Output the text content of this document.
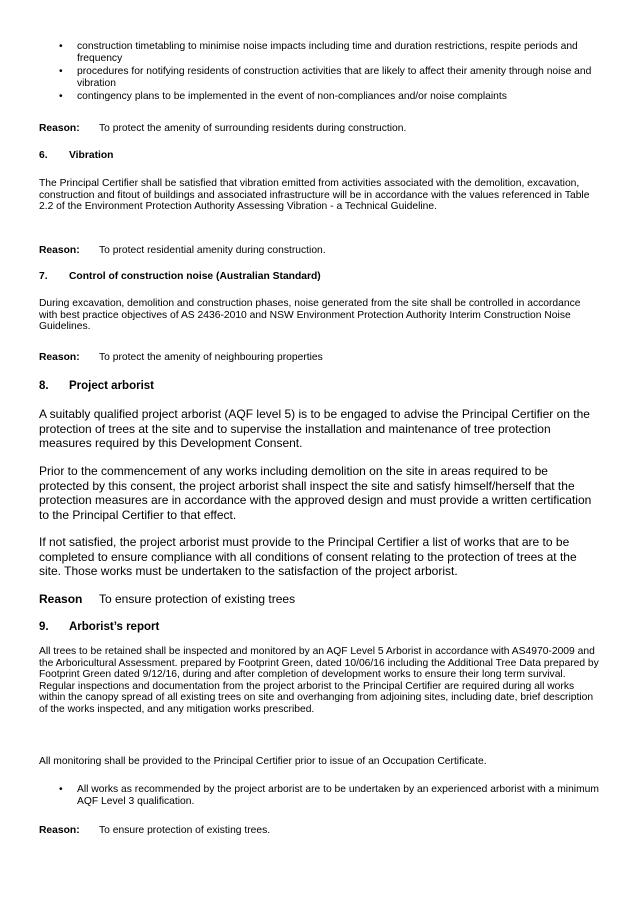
• construction timetabling to minimise noise impacts including time and duration restrictions, respite periods and frequency
• procedures for notifying residents of construction activities that are likely to affect their amenity through noise and vibration
• contingency plans to be implemented in the event of non-compliances and/or noise complaints
Reason:	To protect the amenity of surrounding residents during construction.
6.	Vibration

The Principal Certifier shall be satisfied that vibration emitted from activities associated with the demolition, excavation, construction and fitout of buildings and associated infrastructure will be in accordance with the values referenced in Table 2.2 of the Environment Protection Authority Assessing Vibration - a Technical Guideline.

Reason:	To protect residential amenity during construction.
7.	Control of construction noise (Australian Standard)

During excavation, demolition and construction phases, noise generated from the site shall be controlled in accordance with best practice objectives of AS 2436-2010 and NSW Environment Protection Authority Interim Construction Noise Guidelines.

Reason:	To protect the amenity of neighbouring properties
8.	Project arborist

A suitably qualified project arborist (AQF level 5) is to be engaged to advise the Principal Certifier on the protection of trees at the site and to supervise the installation and maintenance of tree protection measures required by this Development Consent.

Prior to the commencement of any works including demolition on the site in areas required to be protected by this consent, the project arborist shall inspect the site and satisfy himself/herself that the protection measures are in accordance with the approved design and must provide a written certification to the Principal Certifier to that effect.

If not satisfied, the project arborist must provide to the Principal Certifier a list of works that are to be completed to ensure compliance with all conditions of consent relating to the protection of trees at the site. Those works must be undertaken to the satisfaction of the project arborist.

Reason	To ensure protection of existing trees
9.	Arborist’s report

All trees to be retained shall be inspected and monitored by an AQF Level 5 Arborist in accordance with AS4970-2009 and the Arboricultural Assessment. prepared by Footprint Green, dated 10/06/16 including the Additional Tree Data prepared by Footprint Green dated 9/12/16, during and after completion of development works to ensure their long term survival. Regular inspections and documentation from the project arborist to the Principal Certifier are required during all works within the canopy spread of all existing trees on site and overhanging from adjoining sites, including date, brief description of the works inspected, and any mitigation works prescribed.

All monitoring shall be provided to the Principal Certifier prior to issue of an Occupation Certificate.

• All works as recommended by the project arborist are to be undertaken by an experienced arborist with a minimum AQF Level 3 qualification.
Reason:	To ensure protection of existing trees.
